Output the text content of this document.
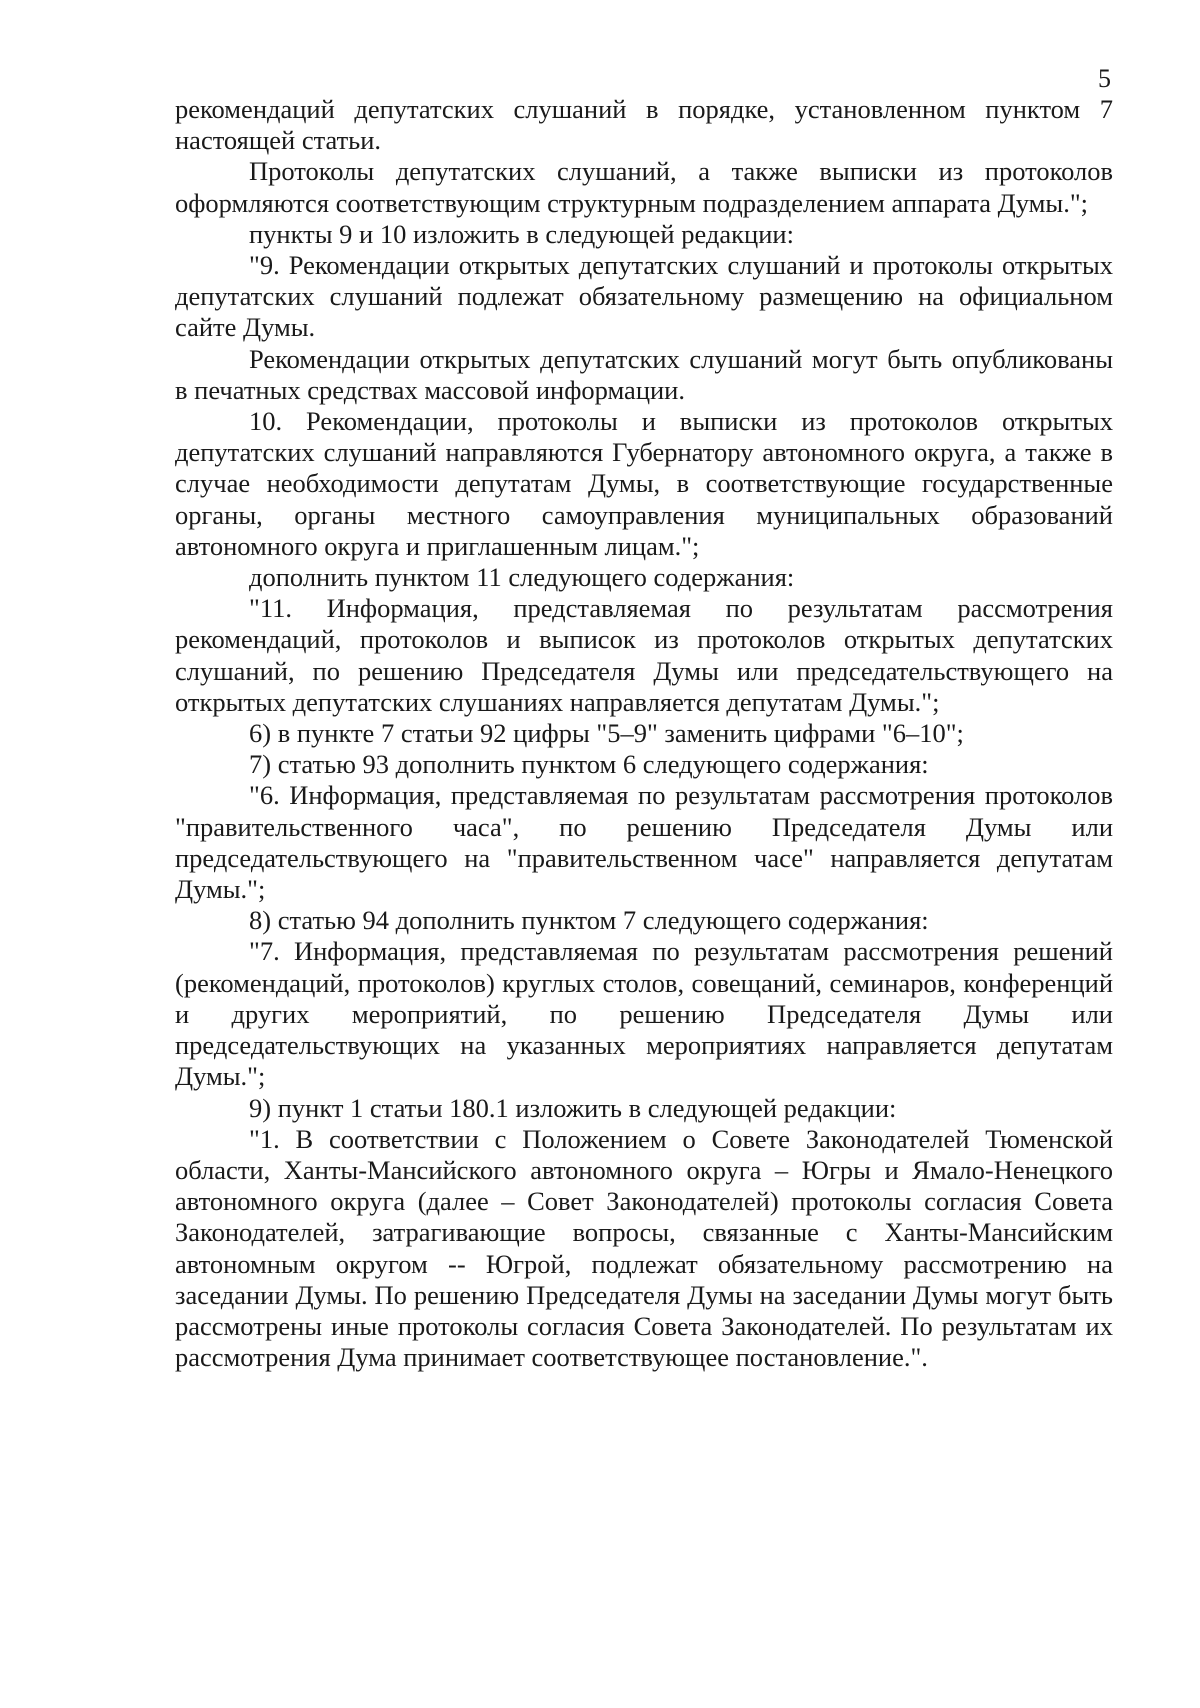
5

рекомендаций депутатских слушаний в порядке, установленном пунктом 7 настоящей статьи.

Протоколы депутатских слушаний, а также выписки из протоколов оформляются соответствующим структурным подразделением аппарата Думы.";

пункты 9 и 10 изложить в следующей редакции:

"9. Рекомендации открытых депутатских слушаний и протоколы открытых депутатских слушаний подлежат обязательному размещению на официальном сайте Думы.

Рекомендации открытых депутатских слушаний могут быть опубликованы в печатных средствах массовой информации.

10. Рекомендации, протоколы и выписки из протоколов открытых депутатских слушаний направляются Губернатору автономного округа, а также в случае необходимости депутатам Думы, в соответствующие государственные органы, органы местного самоуправления муниципальных образований автономного округа и приглашенным лицам.";

дополнить пунктом 11 следующего содержания:

"11. Информация, представляемая по результатам рассмотрения рекомендаций, протоколов и выписок из протоколов открытых депутатских слушаний, по решению Председателя Думы или председательствующего на открытых депутатских слушаниях направляется депутатам Думы.";

6) в пункте 7 статьи 92 цифры "5–9" заменить цифрами "6–10";

7) статью 93 дополнить пунктом 6 следующего содержания:

"6. Информация, представляемая по результатам рассмотрения протоколов "правительственного часа", по решению Председателя Думы или председательствующего на "правительственном часе" направляется депутатам Думы.";

8) статью 94 дополнить пунктом 7 следующего содержания:

"7. Информация, представляемая по результатам рассмотрения решений (рекомендаций, протоколов) круглых столов, совещаний, семинаров, конференций и других мероприятий, по решению Председателя Думы или председательствующих на указанных мероприятиях направляется депутатам Думы.";

9) пункт 1 статьи 180.1 изложить в следующей редакции:

"1. В соответствии с Положением о Совете Законодателей Тюменской области, Ханты-Мансийского автономного округа – Югры и Ямало-Ненецкого автономного округа (далее – Совет Законодателей) протоколы согласия Совета Законодателей, затрагивающие вопросы, связанные с Ханты-Мансийским автономным округом -- Югрой, подлежат обязательному рассмотрению на заседании Думы. По решению Председателя Думы на заседании Думы могут быть рассмотрены иные протоколы согласия Совета Законодателей. По результатам их рассмотрения Дума принимает соответствующее постановление.".
